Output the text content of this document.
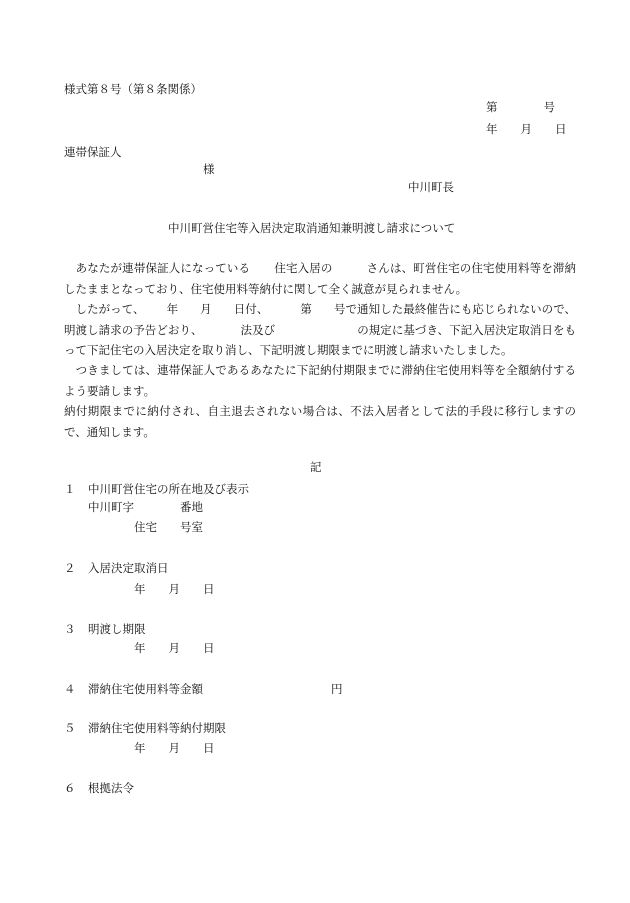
様式第８号（第８条関係）
第　　　　号
年　　月　　日
連帯保証人
様
中川町長
中川町営住宅等入居決定取消通知兼明渡し請求について

　あなたが連帯保証人になっている 住宅入居の	さんは、町営住宅の住宅使用料等を滞納したままとなっており、住宅使用料等納付に関して全く誠意が見られません。

　したがって、 年 月 日付、	第 号で通知した最終催告にも応じられないので、明渡し請求の予告どおり、	法及び	の規定に基づき、下記入居決定取消日をもって下記住宅の入居決定を取り消し、下記明渡し期限までに明渡し請求いたしました。

　つきましては、連帯保証人であるあなたに下記納付期限までに滞納住宅使用料等を全額納付するよう要請します。

納付期限までに納付され、自主退去されない場合は、不法入居者として法的手段に移行しますので、通知します。

記
１ 中川町営住宅の所在地及び表示
中川町字　　　　番地
住宅　　号室
２ 入居決定取消日
年　　月　　日
３ 明渡し期限
年　　月　　日
４ 滞納住宅使用料等金額	円
５ 滞納住宅使用料等納付期限
年　　月　　日
６ 根拠法令
